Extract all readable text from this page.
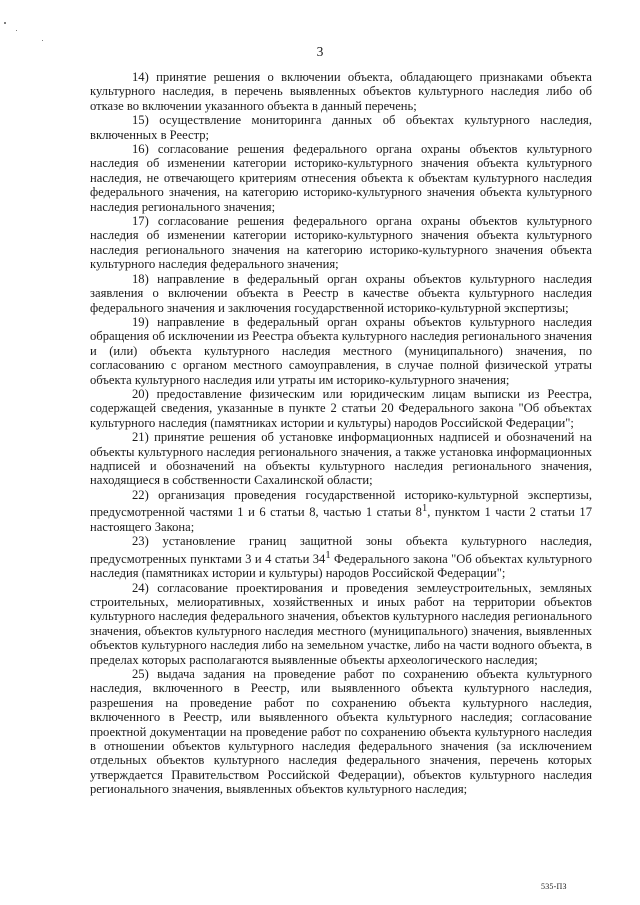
3

14) принятие решения о включении объекта, обладающего признаками объекта культурного наследия, в перечень выявленных объектов культурного наследия либо об отказе во включении указанного объекта в данный перечень;

15) осуществление мониторинга данных об объектах культурного наследия, включенных в Реестр;

16) согласование решения федерального органа охраны объектов культурного наследия об изменении категории историко-культурного значения объекта культурного наследия, не отвечающего критериям отнесения объекта к объектам культурного наследия федерального значения, на категорию историко-культурного значения объекта культурного наследия регионального значения;

17) согласование решения федерального органа охраны объектов культурного наследия об изменении категории историко-культурного значения объекта культурного наследия регионального значения на категорию историко-культурного значения объекта культурного наследия федерального значения;

18) направление в федеральный орган охраны объектов культурного наследия заявления о включении объекта в Реестр в качестве объекта культурного наследия федерального значения и заключения государственной историко-культурной экспертизы;

19) направление в федеральный орган охраны объектов культурного наследия обращения об исключении из Реестра объекта культурного наследия регионального значения и (или) объекта культурного наследия местного (муниципального) значения, по согласованию с органом местного самоуправления, в случае полной физической утраты объекта культурного наследия или утраты им историко-культурного значения;

20) предоставление физическим или юридическим лицам выписки из Реестра, содержащей сведения, указанные в пункте 2 статьи 20 Федерального закона "Об объектах культурного наследия (памятниках истории и культуры) народов Российской Федерации";

21) принятие решения об установке информационных надписей и обозначений на объекты культурного наследия регионального значения, а также установка информационных надписей и обозначений на объекты культурного наследия регионального значения, находящиеся в собственности Сахалинской области;

22) организация проведения государственной историко-культурной экспертизы, предусмотренной частями 1 и 6 статьи 8, частью 1 статьи $8^1$, пунктом 1 части 2 статьи 17 настоящего Закона;

23) установление границ защитной зоны объекта культурного наследия, предусмотренных пунктами 3 и 4 статьи $34^1$ Федерального закона "Об объектах культурного наследия (памятниках истории и культуры) народов Российской Федерации";

24) согласование проектирования и проведения землеустроительных, земляных строительных, мелиоративных, хозяйственных и иных работ на территории объектов культурного наследия федерального значения, объектов культурного наследия регионального значения, объектов культурного наследия местного (муниципального) значения, выявленных объектов культурного наследия либо на земельном участке, либо на части водного объекта, в пределах которых располагаются выявленные объекты археологического наследия;

25) выдача задания на проведение работ по сохранению объекта культурного наследия, включенного в Реестр, или выявленного объекта культурного наследия, разрешения на проведение работ по сохранению объекта культурного наследия, включенного в Реестр, или выявленного объекта культурного наследия; согласование проектной документации на проведение работ по сохранению объекта культурного наследия в отношении объектов культурного наследия федерального значения (за исключением отдельных объектов культурного наследия федерального значения, перечень которых утверждается Правительством Российской Федерации), объектов культурного наследия регионального значения, выявленных объектов культурного наследия;

535-ПЗ
